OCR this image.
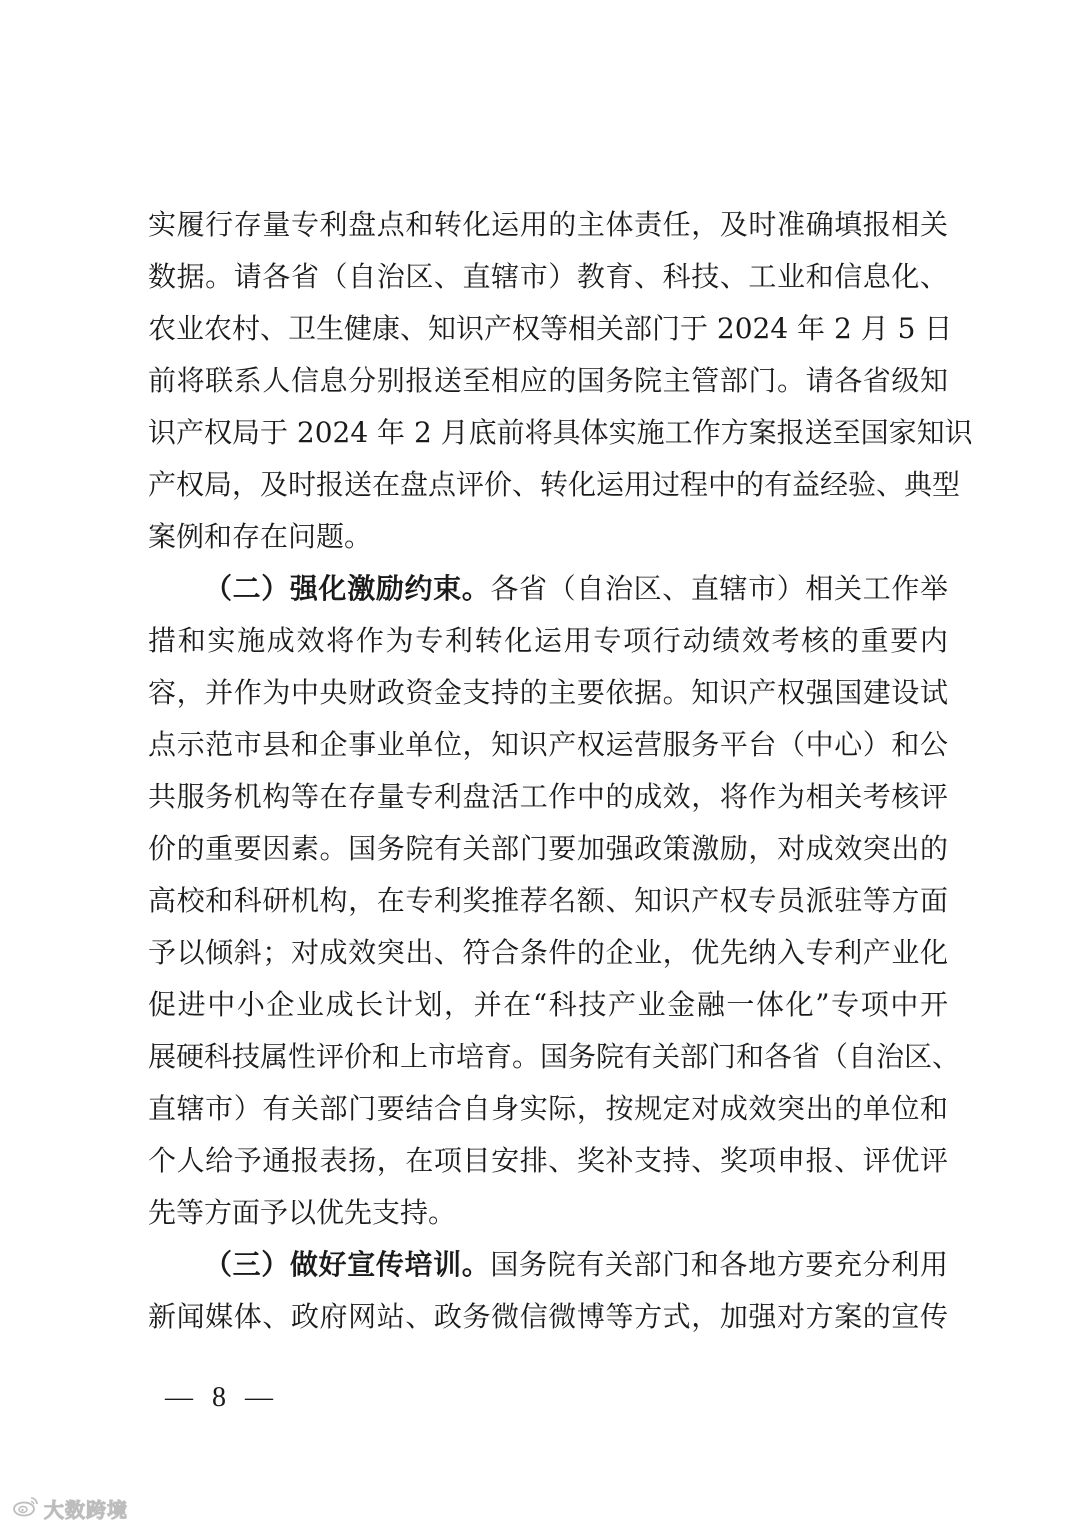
实履行存量专利盘点和转化运用的主体责任，及时准确填报相关
数据。请各省（自治区、直辖市）教育、科技、工业和信息化、
农业农村、卫生健康、知识产权等相关部门于 2024 年 2 月 5 日
前将联系人信息分别报送至相应的国务院主管部门。请各省级知
识产权局于 2024 年 2 月底前将具体实施工作方案报送至国家知识
产权局，及时报送在盘点评价、转化运用过程中的有益经验、典型
案例和存在问题。
（二）强化激励约束。各省（自治区、直辖市）相关工作举
措和实施成效将作为专利转化运用专项行动绩效考核的重要内
容，并作为中央财政资金支持的主要依据。知识产权强国建设试
点示范市县和企事业单位，知识产权运营服务平台（中心）和公
共服务机构等在存量专利盘活工作中的成效，将作为相关考核评
价的重要因素。国务院有关部门要加强政策激励，对成效突出的
高校和科研机构，在专利奖推荐名额、知识产权专员派驻等方面
予以倾斜；对成效突出、符合条件的企业，优先纳入专利产业化
促进中小企业成长计划，并在“科技产业金融一体化”专项中开
展硬科技属性评价和上市培育。国务院有关部门和各省（自治区、
直辖市）有关部门要结合自身实际，按规定对成效突出的单位和
个人给予通报表扬，在项目安排、奖补支持、奖项申报、评优评
先等方面予以优先支持。
（三）做好宣传培训。国务院有关部门和各地方要充分利用
新闻媒体、政府网站、政务微信微博等方式，加强对方案的宣传
— 8 —
大数跨境
